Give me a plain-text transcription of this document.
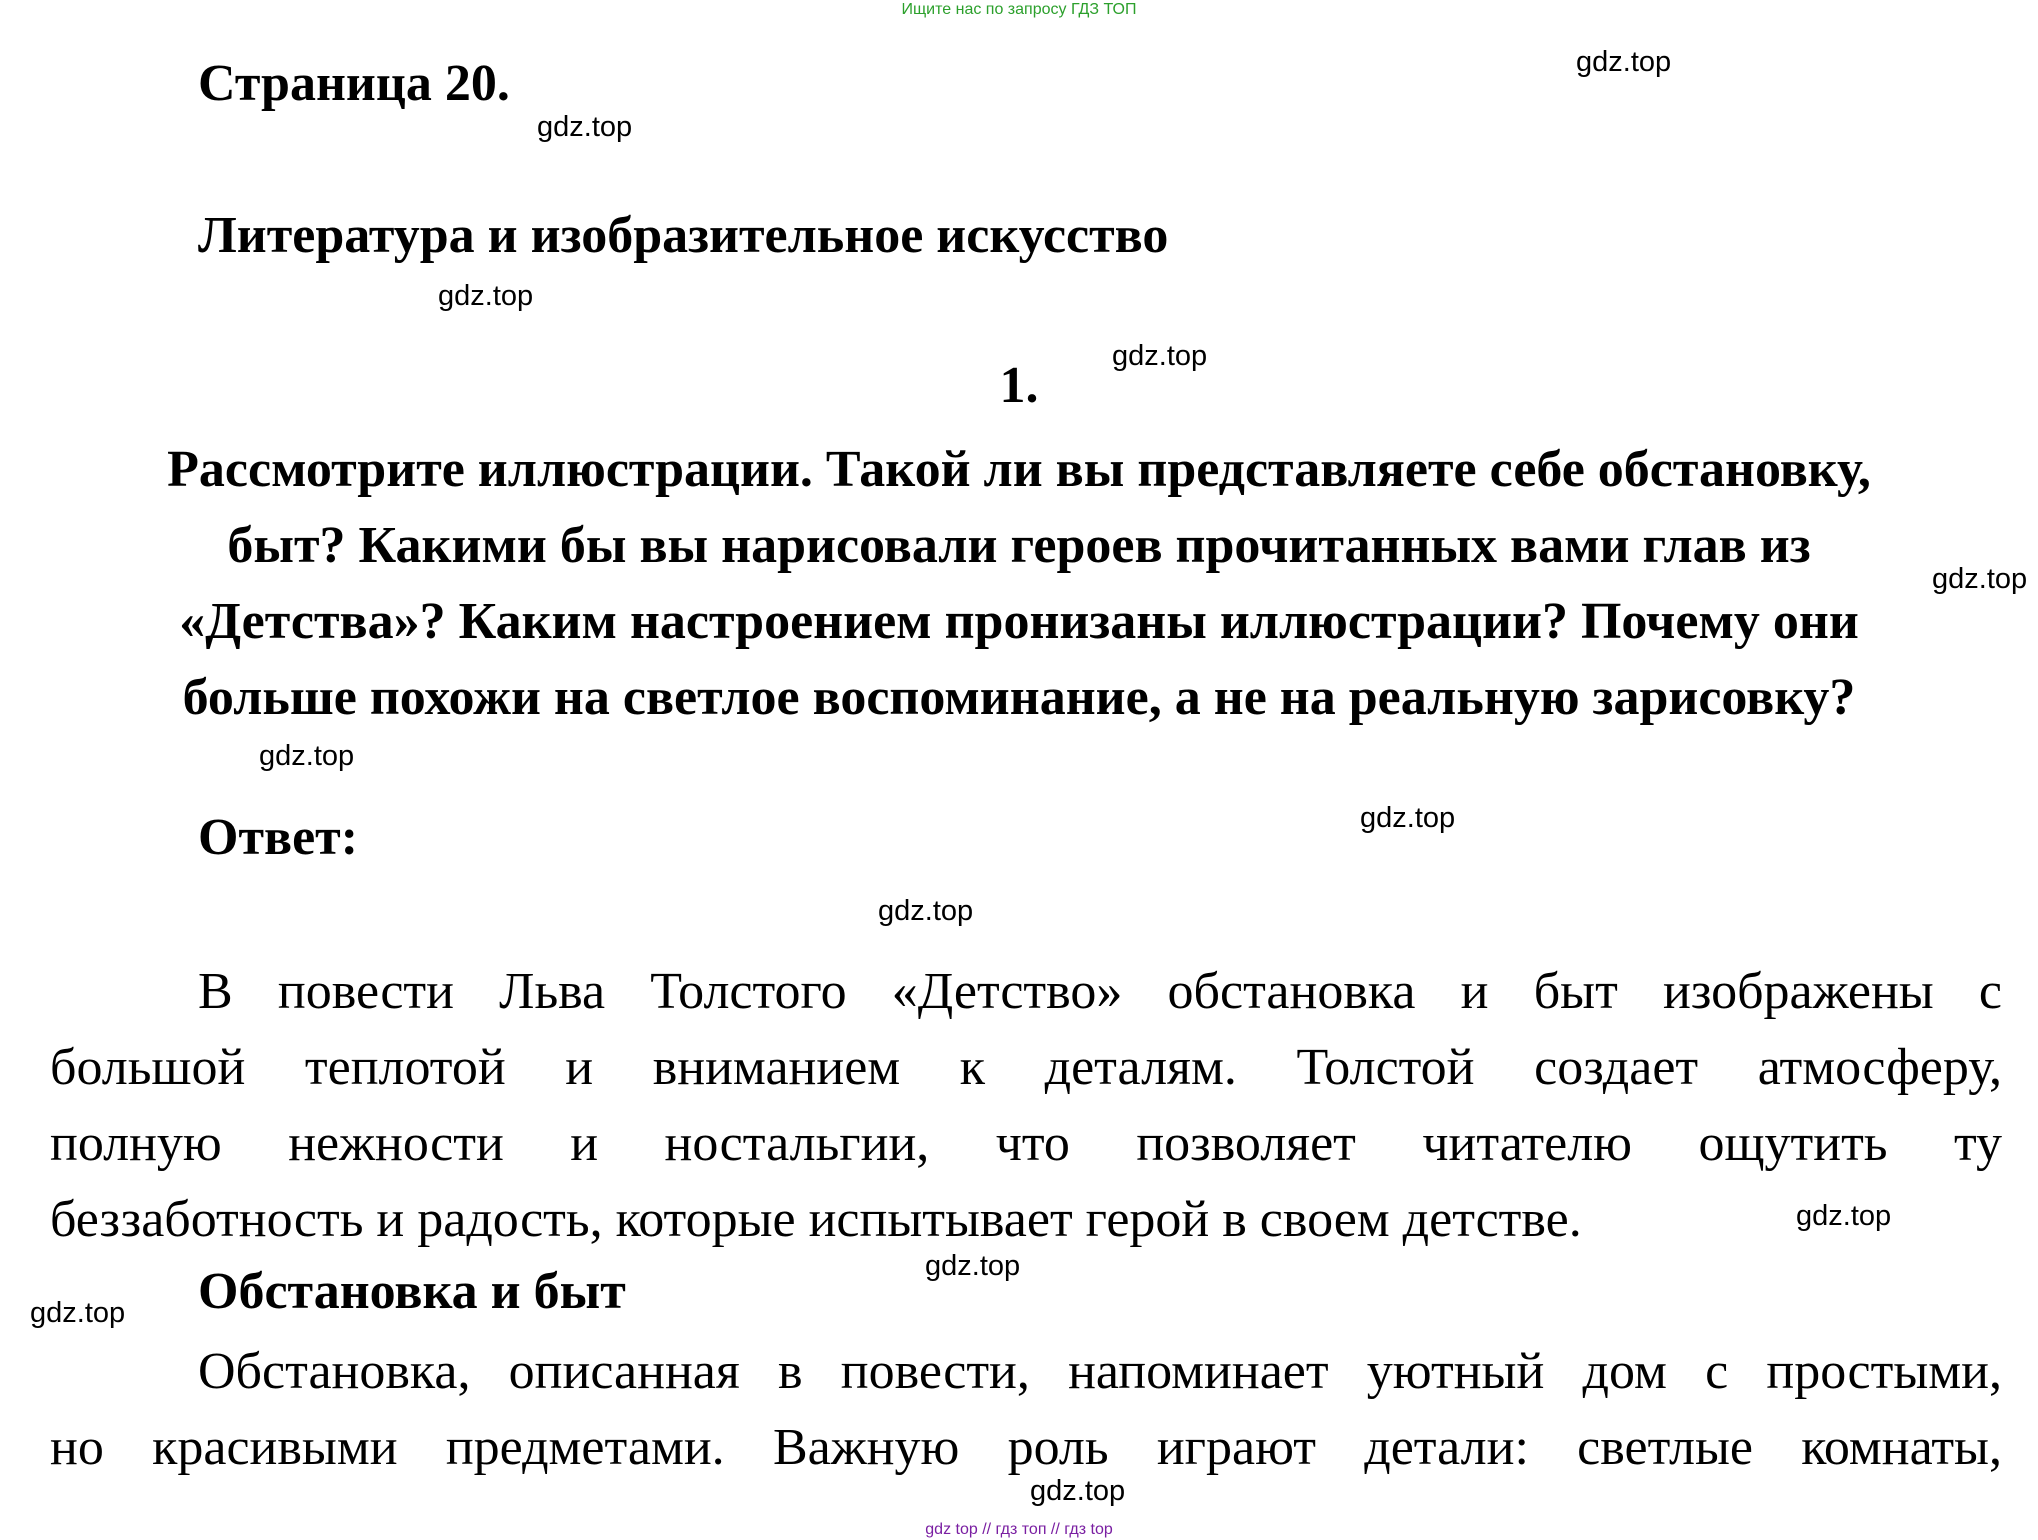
Ищите нас по запросу ГДЗ ТОП
Страница 20.
Литература и изобразительное искусство
1.
Рассмотрите иллюстрации. Такой ли вы представляете себе обстановку,
быт? Какими бы вы нарисовали героев прочитанных вами глав из
«Детства»? Каким настроением пронизаны иллюстрации? Почему они
больше похожи на светлое воспоминание, а не на реальную зарисовку?
Ответ:
В повести Льва Толстого «Детство» обстановка и быт изображены с
большой теплотой и вниманием к деталям. Толстой создает атмосферу,
полную нежности и ностальгии, что позволяет читателю ощутить ту
беззаботность и радость, которые испытывает герой в своем детстве.
Обстановка и быт
Обстановка, описанная в повести, напоминает уютный дом с простыми,
но красивыми предметами. Важную роль играют детали: светлые комнаты,
gdz.top
gdz.top
gdz.top
gdz.top
gdz.top
gdz.top
gdz.top
gdz.top
gdz.top
gdz.top
gdz.top
gdz.top
gdz top // гдз топ // гдз top
